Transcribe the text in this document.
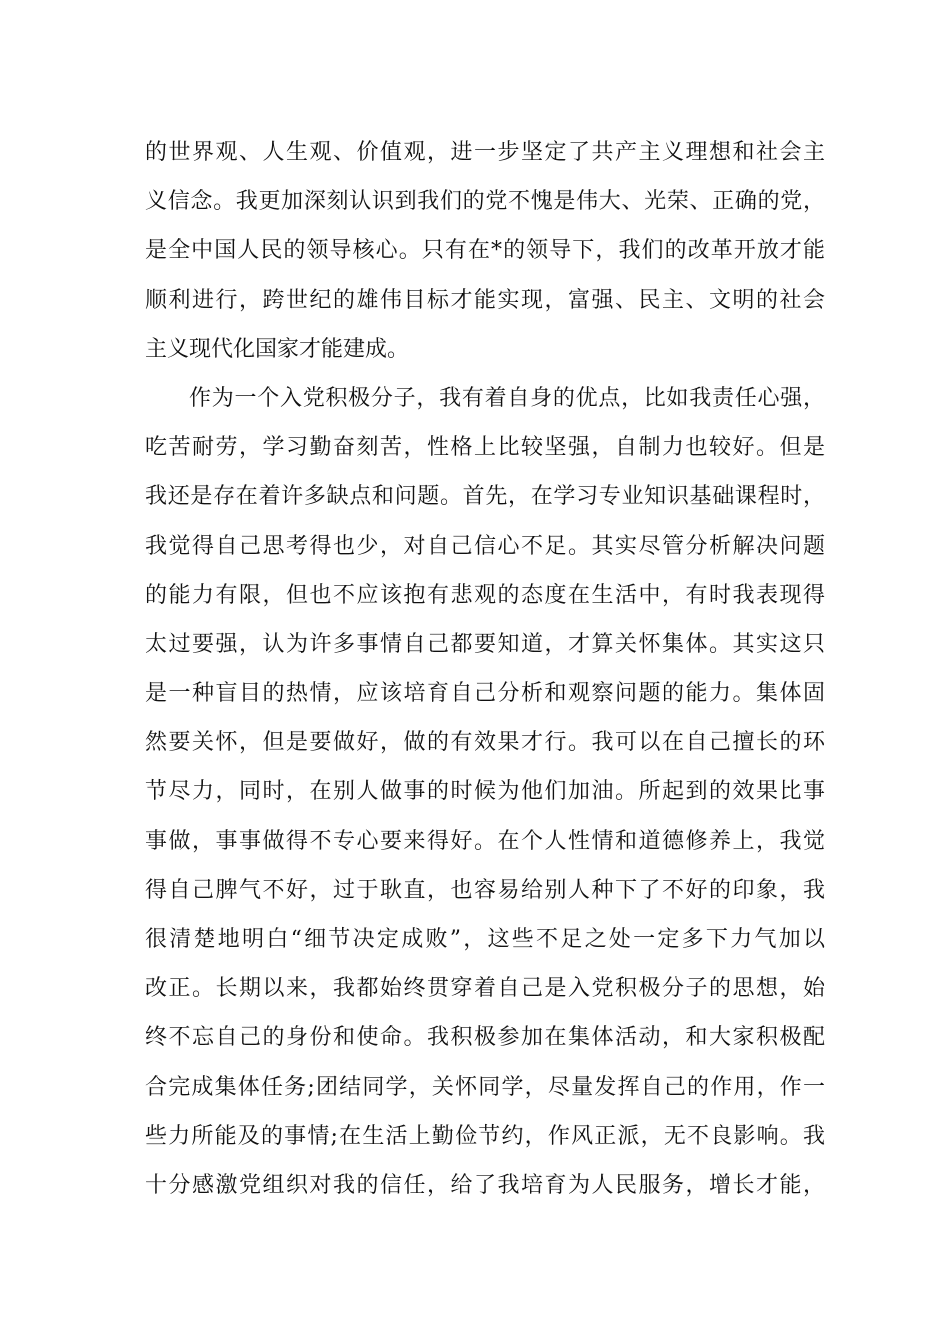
的世界观、人生观、价值观，进一步坚定了共产主义理想和社会主
义信念。我更加深刻认识到我们的党不愧是伟大、光荣、正确的党，
是全中国人民的领导核心。只有在*的领导下，我们的改革开放才能
顺利进行，跨世纪的雄伟目标才能实现，富强、民主、文明的社会
主义现代化国家才能建成。
作为一个入党积极分子，我有着自身的优点，比如我责任心强，
吃苦耐劳，学习勤奋刻苦，性格上比较坚强，自制力也较好。但是
我还是存在着许多缺点和问题。首先，在学习专业知识基础课程时，
我觉得自己思考得也少，对自己信心不足。其实尽管分析解决问题
的能力有限，但也不应该抱有悲观的态度在生活中，有时我表现得
太过要强，认为许多事情自己都要知道，才算关怀集体。其实这只
是一种盲目的热情，应该培育自己分析和观察问题的能力。集体固
然要关怀，但是要做好，做的有效果才行。我可以在自己擅长的环
节尽力，同时，在别人做事的时候为他们加油。所起到的效果比事
事做，事事做得不专心要来得好。在个人性情和道德修养上，我觉
得自己脾气不好，过于耿直，也容易给别人种下了不好的印象，我
很清楚地明白“细节决定成败”，这些不足之处一定多下力气加以
改正。长期以来，我都始终贯穿着自己是入党积极分子的思想，始
终不忘自己的身份和使命。我积极参加在集体活动，和大家积极配
合完成集体任务;团结同学，关怀同学，尽量发挥自己的作用，作一
些力所能及的事情;在生活上勤俭节约，作风正派，无不良影响。我
十分感激党组织对我的信任，给了我培育为人民服务，增长才能，
